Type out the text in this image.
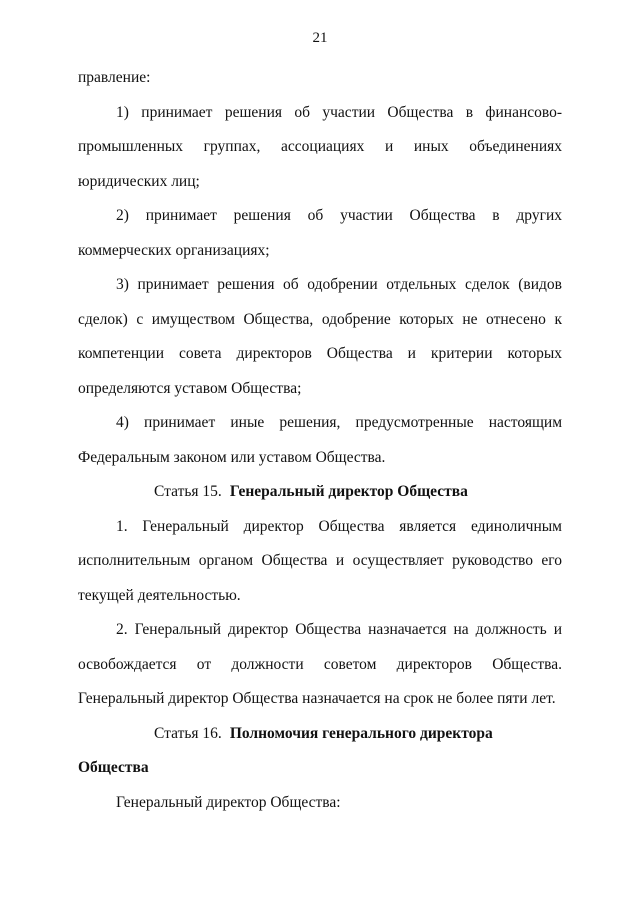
21

правление:

1) принимает решения об участии Общества в финансово-промышленных группах, ассоциациях и иных объединениях юридических лиц;

2) принимает решения об участии Общества в других коммерческих организациях;

3) принимает решения об одобрении отдельных сделок (видов сделок) с имуществом Общества, одобрение которых не отнесено к компетенции совета директоров Общества и критерии которых определяются уставом Общества;

4) принимает иные решения, предусмотренные настоящим Федеральным законом или уставом Общества.

Статья 15. Генеральный директор Общества

1. Генеральный директор Общества является единоличным исполнительным органом Общества и осуществляет руководство его текущей деятельностью.

2. Генеральный директор Общества назначается на должность и освобождается от должности советом директоров Общества. Генеральный директор Общества назначается на срок не более пяти лет.

Статья 16. Полномочия генерального директора Общества

Генеральный директор Общества:
